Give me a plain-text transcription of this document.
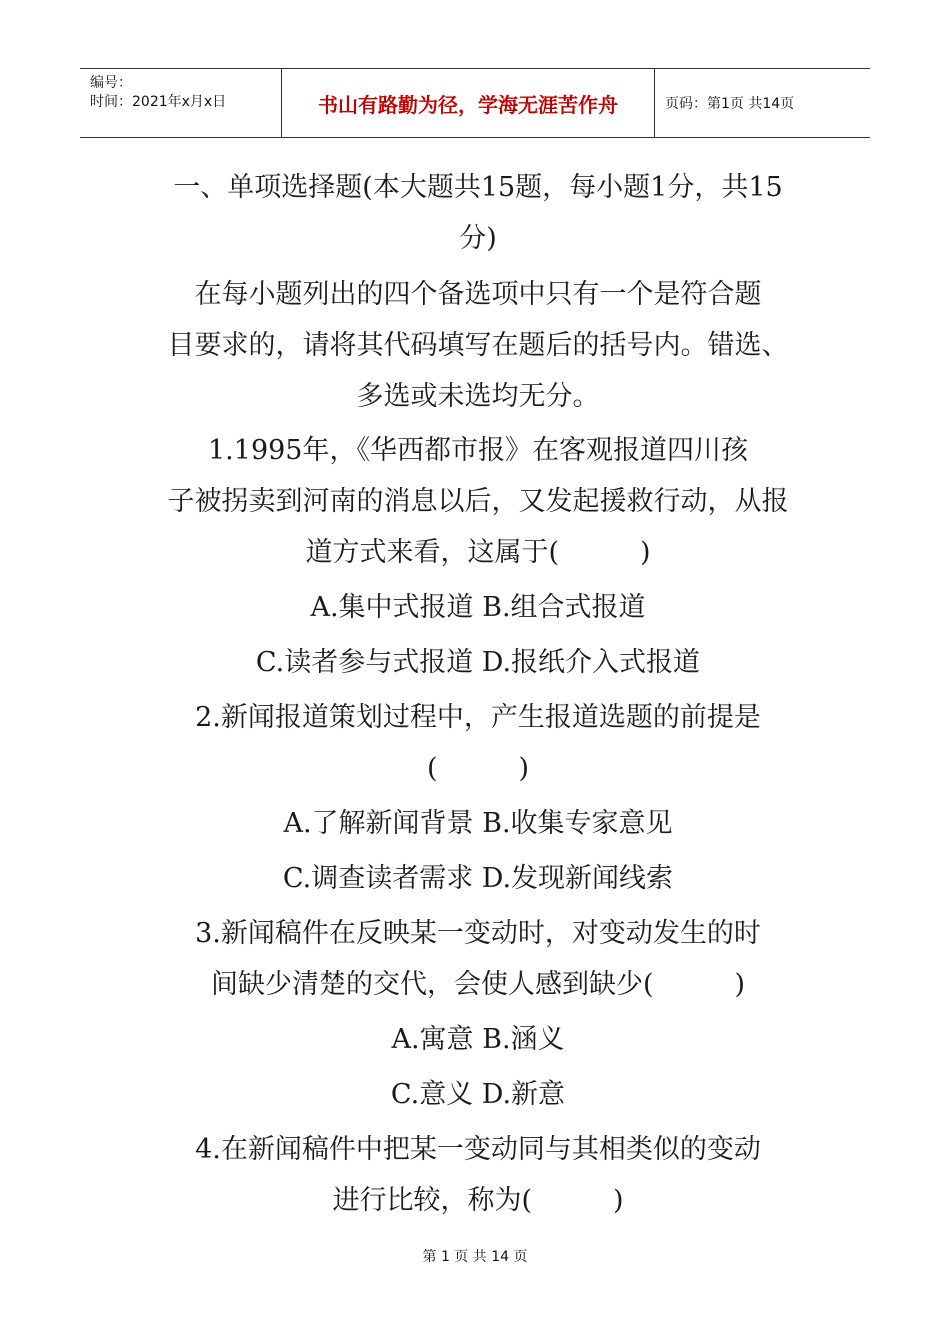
编号：
时间：2021年x月x日	书山有路勤为径，学海无涯苦作舟	页码：第1页 共14页

一、单项选择题(本大题共15题，每小题1分，共15

分)

在每小题列出的四个备选项中只有一个是符合题

目要求的，请将其代码填写在题后的括号内。错选、

多选或未选均无分。

1.1995年，《华西都市报》在客观报道四川孩

子被拐卖到河南的消息以后，又发起援救行动，从报

道方式来看，这属于(　　　)

A.集中式报道 B.组合式报道

C.读者参与式报道 D.报纸介入式报道

2.新闻报道策划过程中，产生报道选题的前提是

(　　　)

A.了解新闻背景 B.收集专家意见

C.调查读者需求 D.发现新闻线索

3.新闻稿件在反映某一变动时，对变动发生的时

间缺少清楚的交代，会使人感到缺少(　　　)

A.寓意 B.涵义

C.意义 D.新意

4.在新闻稿件中把某一变动同与其相类似的变动

进行比较，称为(　　　)

第 1 页 共 14 页
